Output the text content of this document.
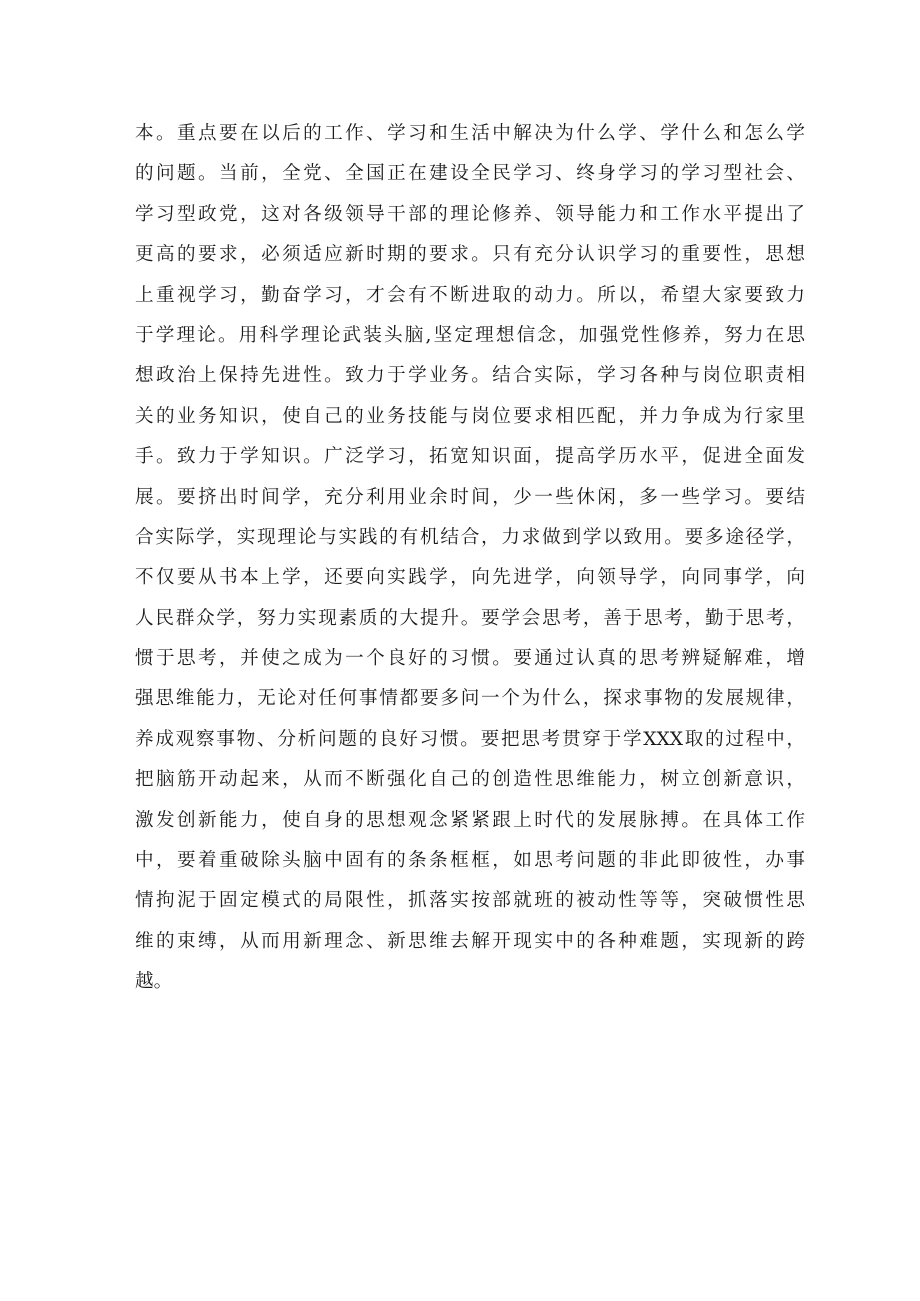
本。重点要在以后的工作、学习和生活中解决为什么学、学什么和怎么学
的问题。当前，全党、全国正在建设全民学习、终身学习的学习型社会、
学习型政党，这对各级领导干部的理论修养、领导能力和工作水平提出了
更高的要求，必须适应新时期的要求。只有充分认识学习的重要性，思想
上重视学习，勤奋学习，才会有不断进取的动力。所以，希望大家要致力
于学理论。用科学理论武装头脑,坚定理想信念，加强党性修养，努力在思
想政治上保持先进性。致力于学业务。结合实际，学习各种与岗位职责相
关的业务知识，使自己的业务技能与岗位要求相匹配，并力争成为行家里
手。致力于学知识。广泛学习，拓宽知识面，提高学历水平，促进全面发
展。要挤出时间学，充分利用业余时间，少一些休闲，多一些学习。要结
合实际学，实现理论与实践的有机结合，力求做到学以致用。要多途径学，
不仅要从书本上学，还要向实践学，向先进学，向领导学，向同事学，向
人民群众学，努力实现素质的大提升。要学会思考，善于思考，勤于思考，
惯于思考，并使之成为一个良好的习惯。要通过认真的思考辨疑解难，增
强思维能力，无论对任何事情都要多问一个为什么，探求事物的发展规律，
养成观察事物、分析问题的良好习惯。要把思考贯穿于学XXX取的过程中，
把脑筋开动起来，从而不断强化自己的创造性思维能力，树立创新意识，
激发创新能力，使自身的思想观念紧紧跟上时代的发展脉搏。在具体工作
中，要着重破除头脑中固有的条条框框，如思考问题的非此即彼性，办事
情拘泥于固定模式的局限性，抓落实按部就班的被动性等等，突破惯性思
维的束缚，从而用新理念、新思维去解开现实中的各种难题，实现新的跨
越。
